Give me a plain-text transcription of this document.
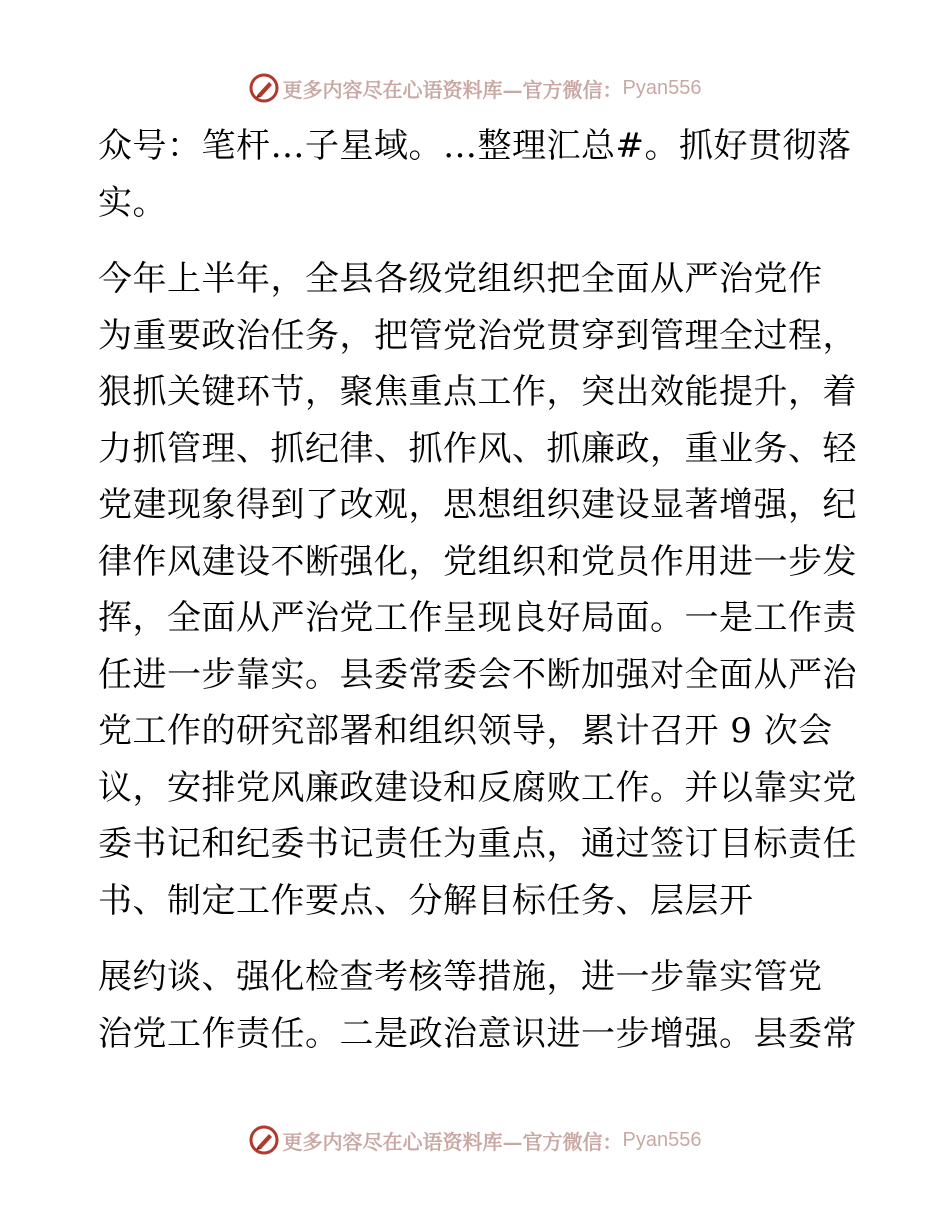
更多内容尽在心语资料库—官方微信： Pyan556

众号：笔杆…子星域。…整理汇总#。抓好贯彻落
实。

今年上半年，全县各级党组织把全面从严治党作
为重要政治任务，把管党治党贯穿到管理全过程，
狠抓关键环节，聚焦重点工作，突出效能提升，着
力抓管理、抓纪律、抓作风、抓廉政，重业务、轻
党建现象得到了改观，思想组织建设显著增强，纪
律作风建设不断强化，党组织和党员作用进一步发
挥，全面从严治党工作呈现良好局面。一是工作责
任进一步靠实。县委常委会不断加强对全面从严治
党工作的研究部署和组织领导，累计召开 9 次会
议，安排党风廉政建设和反腐败工作。并以靠实党
委书记和纪委书记责任为重点，通过签订目标责任
书、制定工作要点、分解目标任务、层层开

展约谈、强化检查考核等措施，进一步靠实管党
治党工作责任。二是政治意识进一步增强。县委常

更多内容尽在心语资料库—官方微信： Pyan556
